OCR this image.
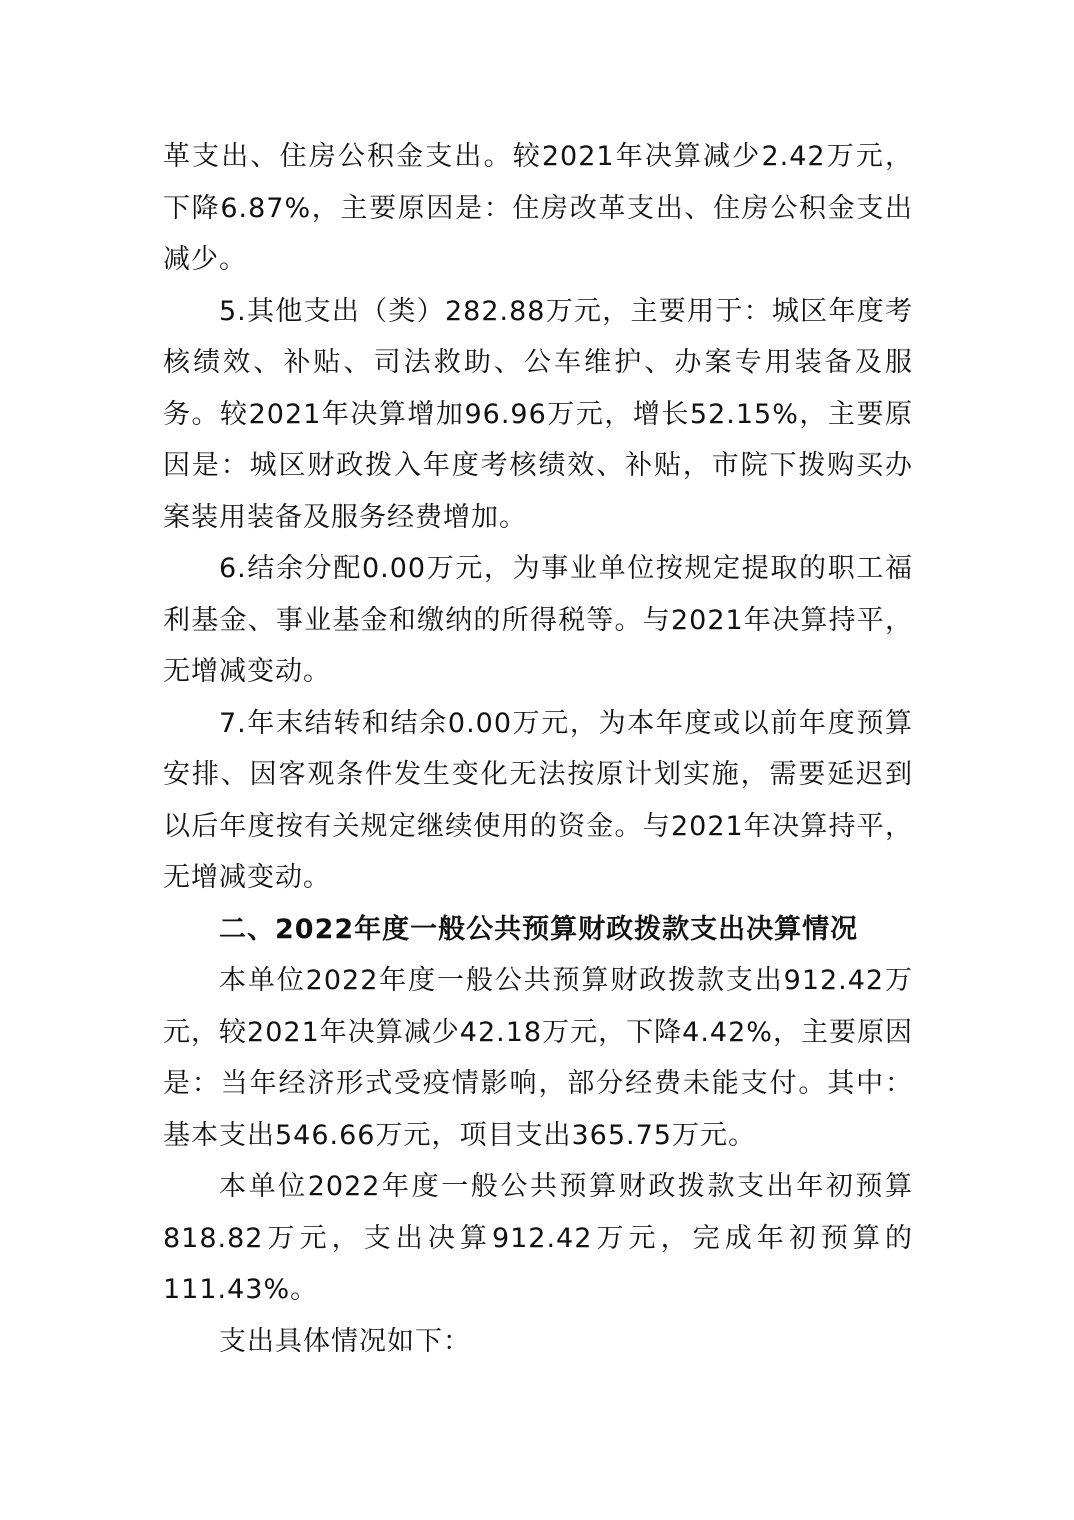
革支出、住房公积金支出。较2021年决算减少2.42万元，下降6.87%，主要原因是：住房改革支出、住房公积金支出减少。

5.其他支出（类）282.88万元，主要用于：城区年度考核绩效、补贴、司法救助、公车维护、办案专用装备及服务。较2021年决算增加96.96万元，增长52.15%，主要原因是：城区财政拨入年度考核绩效、补贴，市院下拨购买办案装用装备及服务经费增加。

6.结余分配0.00万元，为事业单位按规定提取的职工福利基金、事业基金和缴纳的所得税等。与2021年决算持平，无增减变动。

7.年末结转和结余0.00万元，为本年度或以前年度预算安排、因客观条件发生变化无法按原计划实施，需要延迟到以后年度按有关规定继续使用的资金。与2021年决算持平，无增减变动。

二、2022年度一般公共预算财政拨款支出决算情况

本单位2022年度一般公共预算财政拨款支出912.42万元，较2021年决算减少42.18万元，下降4.42%，主要原因是：当年经济形式受疫情影响，部分经费未能支付。其中：基本支出546.66万元，项目支出365.75万元。

本单位2022年度一般公共预算财政拨款支出年初预算818.82万元，支出决算912.42万元，完成年初预算的111.43%。

支出具体情况如下：
